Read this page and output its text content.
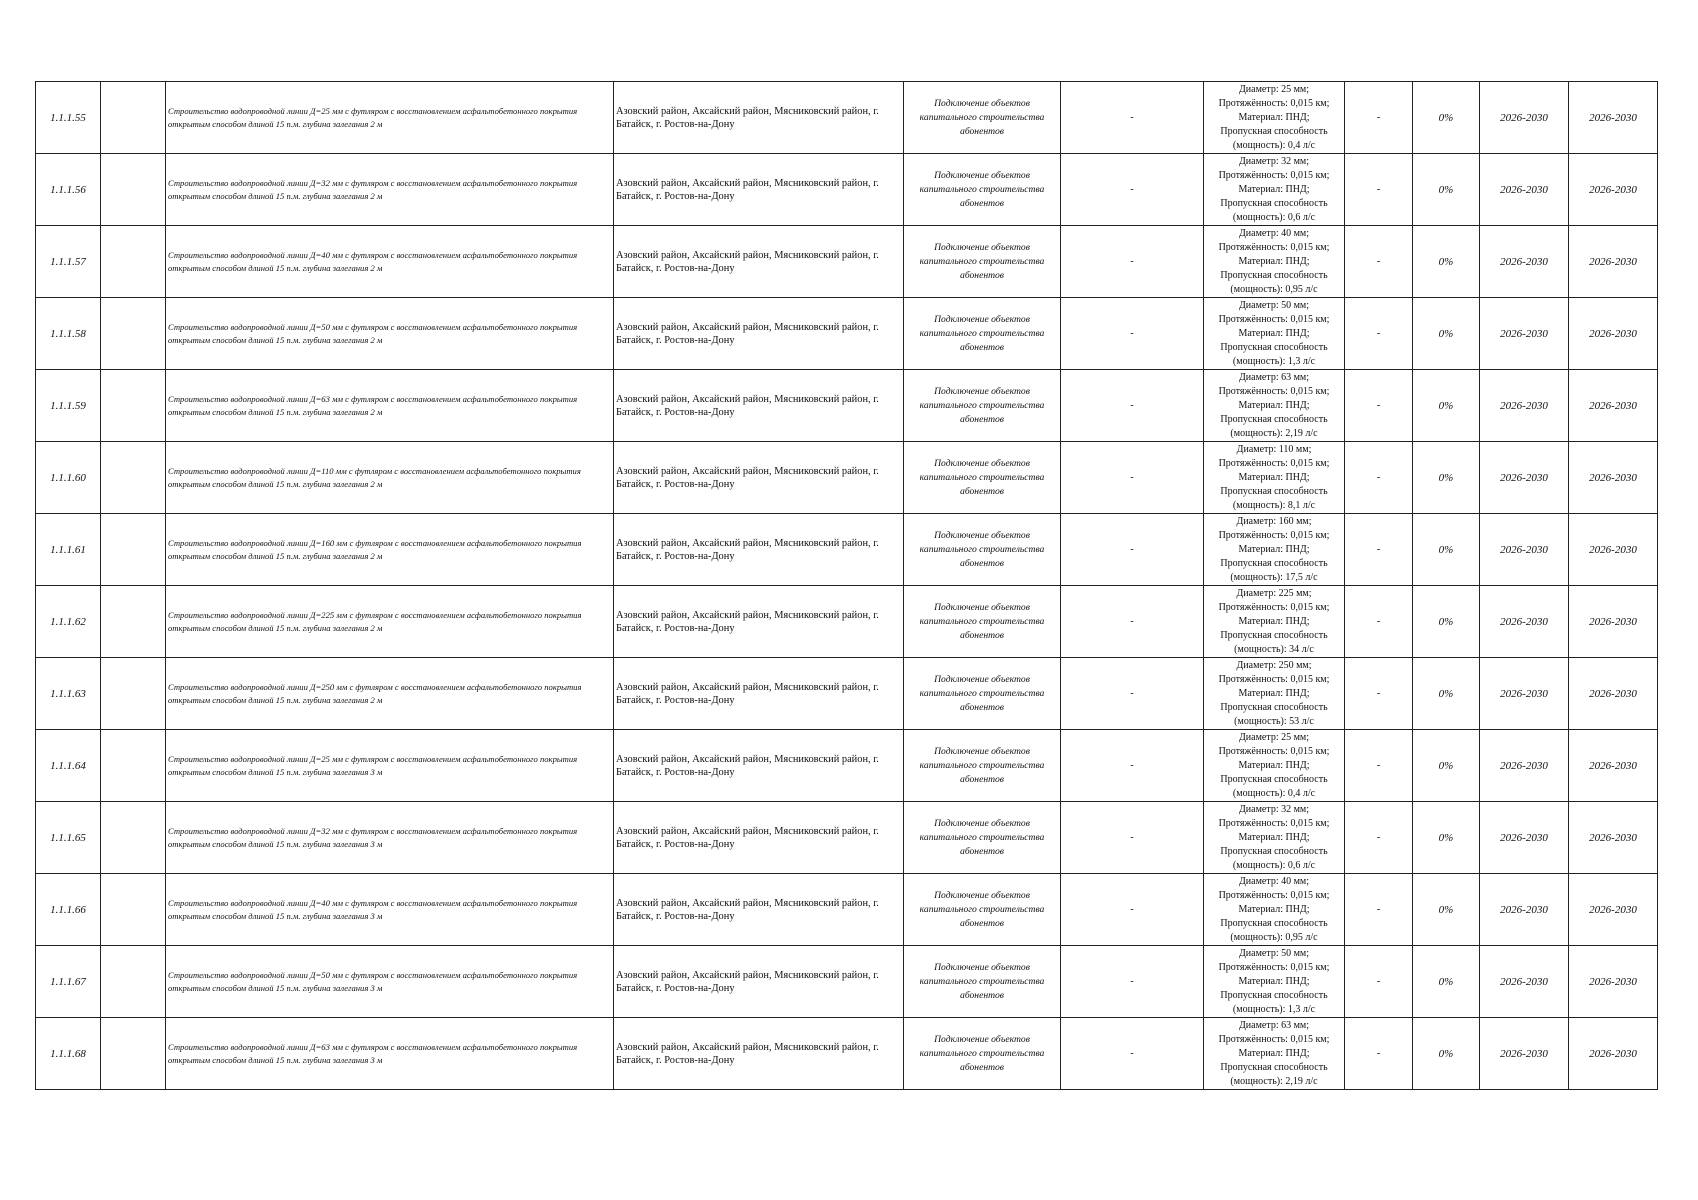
1.1.1.55		Строительство водопроводной линии Д=25 мм с футляром с восстановлением асфальтобетонного покрытия открытым способом длиной 15 п.м. глубина залегания 2 м	Азовский район, Аксайский район, Мясниковский район, г. Батайск, г. Ростов-на-Дону	Подключение объектов капитального строительства абонентов	-	Диаметр: 25 мм;
Протяжённость: 0,015 км;
Материал: ПНД;
Пропускная способность
(мощность): 0,4 л/с	-	0%	2026-2030	2026-2030
1.1.1.56		Строительство водопроводной линии Д=32 мм с футляром с восстановлением асфальтобетонного покрытия открытым способом длиной 15 п.м. глубина залегания 2 м	Азовский район, Аксайский район, Мясниковский район, г. Батайск, г. Ростов-на-Дону	Подключение объектов капитального строительства абонентов	-	Диаметр: 32 мм;
Протяжённость: 0,015 км;
Материал: ПНД;
Пропускная способность
(мощность): 0,6 л/с	-	0%	2026-2030	2026-2030
1.1.1.57		Строительство водопроводной линии Д=40 мм с футляром с восстановлением асфальтобетонного покрытия открытым способом длиной 15 п.м. глубина залегания 2 м	Азовский район, Аксайский район, Мясниковский район, г. Батайск, г. Ростов-на-Дону	Подключение объектов капитального строительства абонентов	-	Диаметр: 40 мм;
Протяжённость: 0,015 км;
Материал: ПНД;
Пропускная способность
(мощность): 0,95 л/с	-	0%	2026-2030	2026-2030
1.1.1.58		Строительство водопроводной линии Д=50 мм с футляром с восстановлением асфальтобетонного покрытия открытым способом длиной 15 п.м. глубина залегания 2 м	Азовский район, Аксайский район, Мясниковский район, г. Батайск, г. Ростов-на-Дону	Подключение объектов капитального строительства абонентов	-	Диаметр: 50 мм;
Протяжённость: 0,015 км;
Материал: ПНД;
Пропускная способность
(мощность): 1,3 л/с	-	0%	2026-2030	2026-2030
1.1.1.59		Строительство водопроводной линии Д=63 мм с футляром с восстановлением асфальтобетонного покрытия открытым способом длиной 15 п.м. глубина залегания 2 м	Азовский район, Аксайский район, Мясниковский район, г. Батайск, г. Ростов-на-Дону	Подключение объектов капитального строительства абонентов	-	Диаметр: 63 мм;
Протяжённость: 0,015 км;
Материал: ПНД;
Пропускная способность
(мощность): 2,19 л/с	-	0%	2026-2030	2026-2030
1.1.1.60		Строительство водопроводной линии Д=110 мм с футляром с восстановлением асфальтобетонного покрытия открытым способом длиной 15 п.м. глубина залегания 2 м	Азовский район, Аксайский район, Мясниковский район, г. Батайск, г. Ростов-на-Дону	Подключение объектов капитального строительства абонентов	-	Диаметр: 110 мм;
Протяжённость: 0,015 км;
Материал: ПНД;
Пропускная способность
(мощность): 8,1 л/с	-	0%	2026-2030	2026-2030
1.1.1.61		Строительство водопроводной линии Д=160 мм с футляром с восстановлением асфальтобетонного покрытия открытым способом длиной 15 п.м. глубина залегания 2 м	Азовский район, Аксайский район, Мясниковский район, г. Батайск, г. Ростов-на-Дону	Подключение объектов капитального строительства абонентов	-	Диаметр: 160 мм;
Протяжённость: 0,015 км;
Материал: ПНД;
Пропускная способность
(мощность): 17,5 л/с	-	0%	2026-2030	2026-2030
1.1.1.62		Строительство водопроводной линии Д=225 мм с футляром с восстановлением асфальтобетонного покрытия открытым способом длиной 15 п.м. глубина залегания 2 м	Азовский район, Аксайский район, Мясниковский район, г. Батайск, г. Ростов-на-Дону	Подключение объектов капитального строительства абонентов	-	Диаметр: 225 мм;
Протяжённость: 0,015 км;
Материал: ПНД;
Пропускная способность
(мощность): 34 л/с	-	0%	2026-2030	2026-2030
1.1.1.63		Строительство водопроводной линии Д=250 мм с футляром с восстановлением асфальтобетонного покрытия открытым способом длиной 15 п.м. глубина залегания 2 м	Азовский район, Аксайский район, Мясниковский район, г. Батайск, г. Ростов-на-Дону	Подключение объектов капитального строительства абонентов	-	Диаметр: 250 мм;
Протяжённость: 0,015 км;
Материал: ПНД;
Пропускная способность
(мощность): 53 л/с	-	0%	2026-2030	2026-2030
1.1.1.64		Строительство водопроводной линии Д=25 мм с футляром с восстановлением асфальтобетонного покрытия открытым способом длиной 15 п.м. глубина залегания 3 м	Азовский район, Аксайский район, Мясниковский район, г. Батайск, г. Ростов-на-Дону	Подключение объектов капитального строительства абонентов	-	Диаметр: 25 мм;
Протяжённость: 0,015 км;
Материал: ПНД;
Пропускная способность
(мощность): 0,4 л/с	-	0%	2026-2030	2026-2030
1.1.1.65		Строительство водопроводной линии Д=32 мм с футляром с восстановлением асфальтобетонного покрытия открытым способом длиной 15 п.м. глубина залегания 3 м	Азовский район, Аксайский район, Мясниковский район, г. Батайск, г. Ростов-на-Дону	Подключение объектов капитального строительства абонентов	-	Диаметр: 32 мм;
Протяжённость: 0,015 км;
Материал: ПНД;
Пропускная способность
(мощность): 0,6 л/с	-	0%	2026-2030	2026-2030
1.1.1.66		Строительство водопроводной линии Д=40 мм с футляром с восстановлением асфальтобетонного покрытия открытым способом длиной 15 п.м. глубина залегания 3 м	Азовский район, Аксайский район, Мясниковский район, г. Батайск, г. Ростов-на-Дону	Подключение объектов капитального строительства абонентов	-	Диаметр: 40 мм;
Протяжённость: 0,015 км;
Материал: ПНД;
Пропускная способность
(мощность): 0,95 л/с	-	0%	2026-2030	2026-2030
1.1.1.67		Строительство водопроводной линии Д=50 мм с футляром с восстановлением асфальтобетонного покрытия открытым способом длиной 15 п.м. глубина залегания 3 м	Азовский район, Аксайский район, Мясниковский район, г. Батайск, г. Ростов-на-Дону	Подключение объектов капитального строительства абонентов	-	Диаметр: 50 мм;
Протяжённость: 0,015 км;
Материал: ПНД;
Пропускная способность
(мощность): 1,3 л/с	-	0%	2026-2030	2026-2030
1.1.1.68		Строительство водопроводной линии Д=63 мм с футляром с восстановлением асфальтобетонного покрытия открытым способом длиной 15 п.м. глубина залегания 3 м	Азовский район, Аксайский район, Мясниковский район, г. Батайск, г. Ростов-на-Дону	Подключение объектов капитального строительства абонентов	-	Диаметр: 63 мм;
Протяжённость: 0,015 км;
Материал: ПНД;
Пропускная способность
(мощность): 2,19 л/с	-	0%	2026-2030	2026-2030
